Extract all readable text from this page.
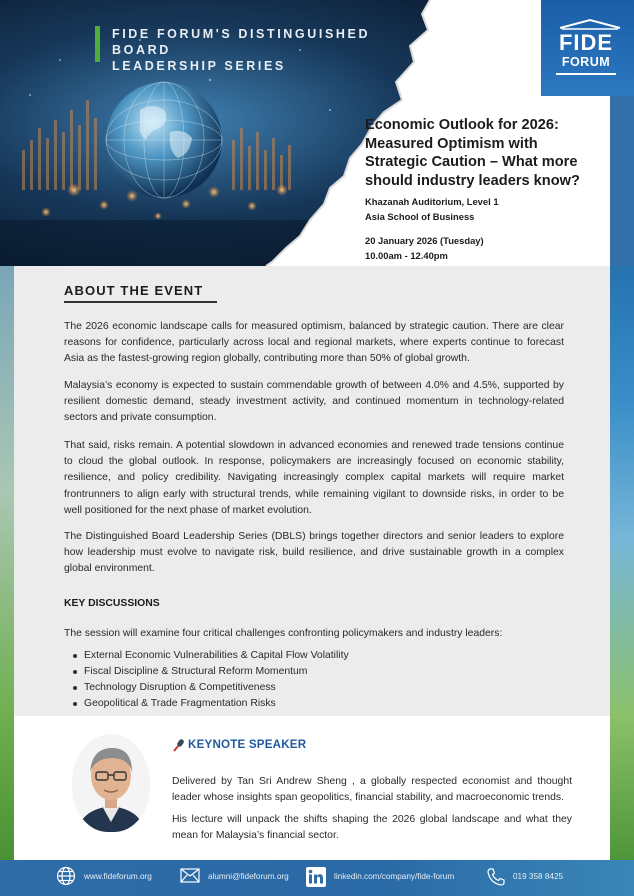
FIDE FORUM'S DISTINGUISHED BOARD
LEADERSHIP SERIES
FIDE
FORUM
Economic Outlook for 2026: Measured Optimism with Strategic Caution – What more should industry leaders know?
Khazanah Auditorium, Level 1
Asia School of Business
20 January 2026 (Tuesday)
10.00am - 12.40pm
ABOUT THE EVENT
The 2026 economic landscape calls for measured optimism, balanced by strategic caution. There are clear reasons for confidence, particularly across local and regional markets, where experts continue to forecast Asia as the fastest-growing region globally, contributing more than 50% of global growth.
Malaysia’s economy is expected to sustain commendable growth of between 4.0% and 4.5%, supported by resilient domestic demand, steady investment activity, and continued momentum in technology-related sectors and private consumption.
That said, risks remain. A potential slowdown in advanced economies and renewed trade tensions continue to cloud the global outlook. In response, policymakers are increasingly focused on economic stability, resilience, and policy credibility. Navigating increasingly complex capital markets will require market frontrunners to align early with structural trends, while remaining vigilant to downside risks, in order to be well positioned for the next phase of market evolution.
The Distinguished Board Leadership Series (DBLS) brings together directors and senior leaders to explore how leadership must evolve to navigate risk, build resilience, and drive sustainable growth in a complex global environment.
KEY DISCUSSIONS
The session will examine four critical challenges confronting policymakers and industry leaders:
External Economic Vulnerabilities & Capital Flow Volatility
Fiscal Discipline & Structural Reform Momentum
Technology Disruption & Competitiveness
Geopolitical & Trade Fragmentation Risks
KEYNOTE SPEAKER
Delivered by Tan Sri Andrew Sheng , a globally respected economist and thought leader whose insights span geopolitics, financial stability, and macroeconomic trends.
His lecture will unpack the shifts shaping the 2026 global landscape and what they mean for Malaysia’s financial sector.
www.fideforum.org	alumni@fideforum.org	linkedin.com/company/fide-forum	019 358 8425
